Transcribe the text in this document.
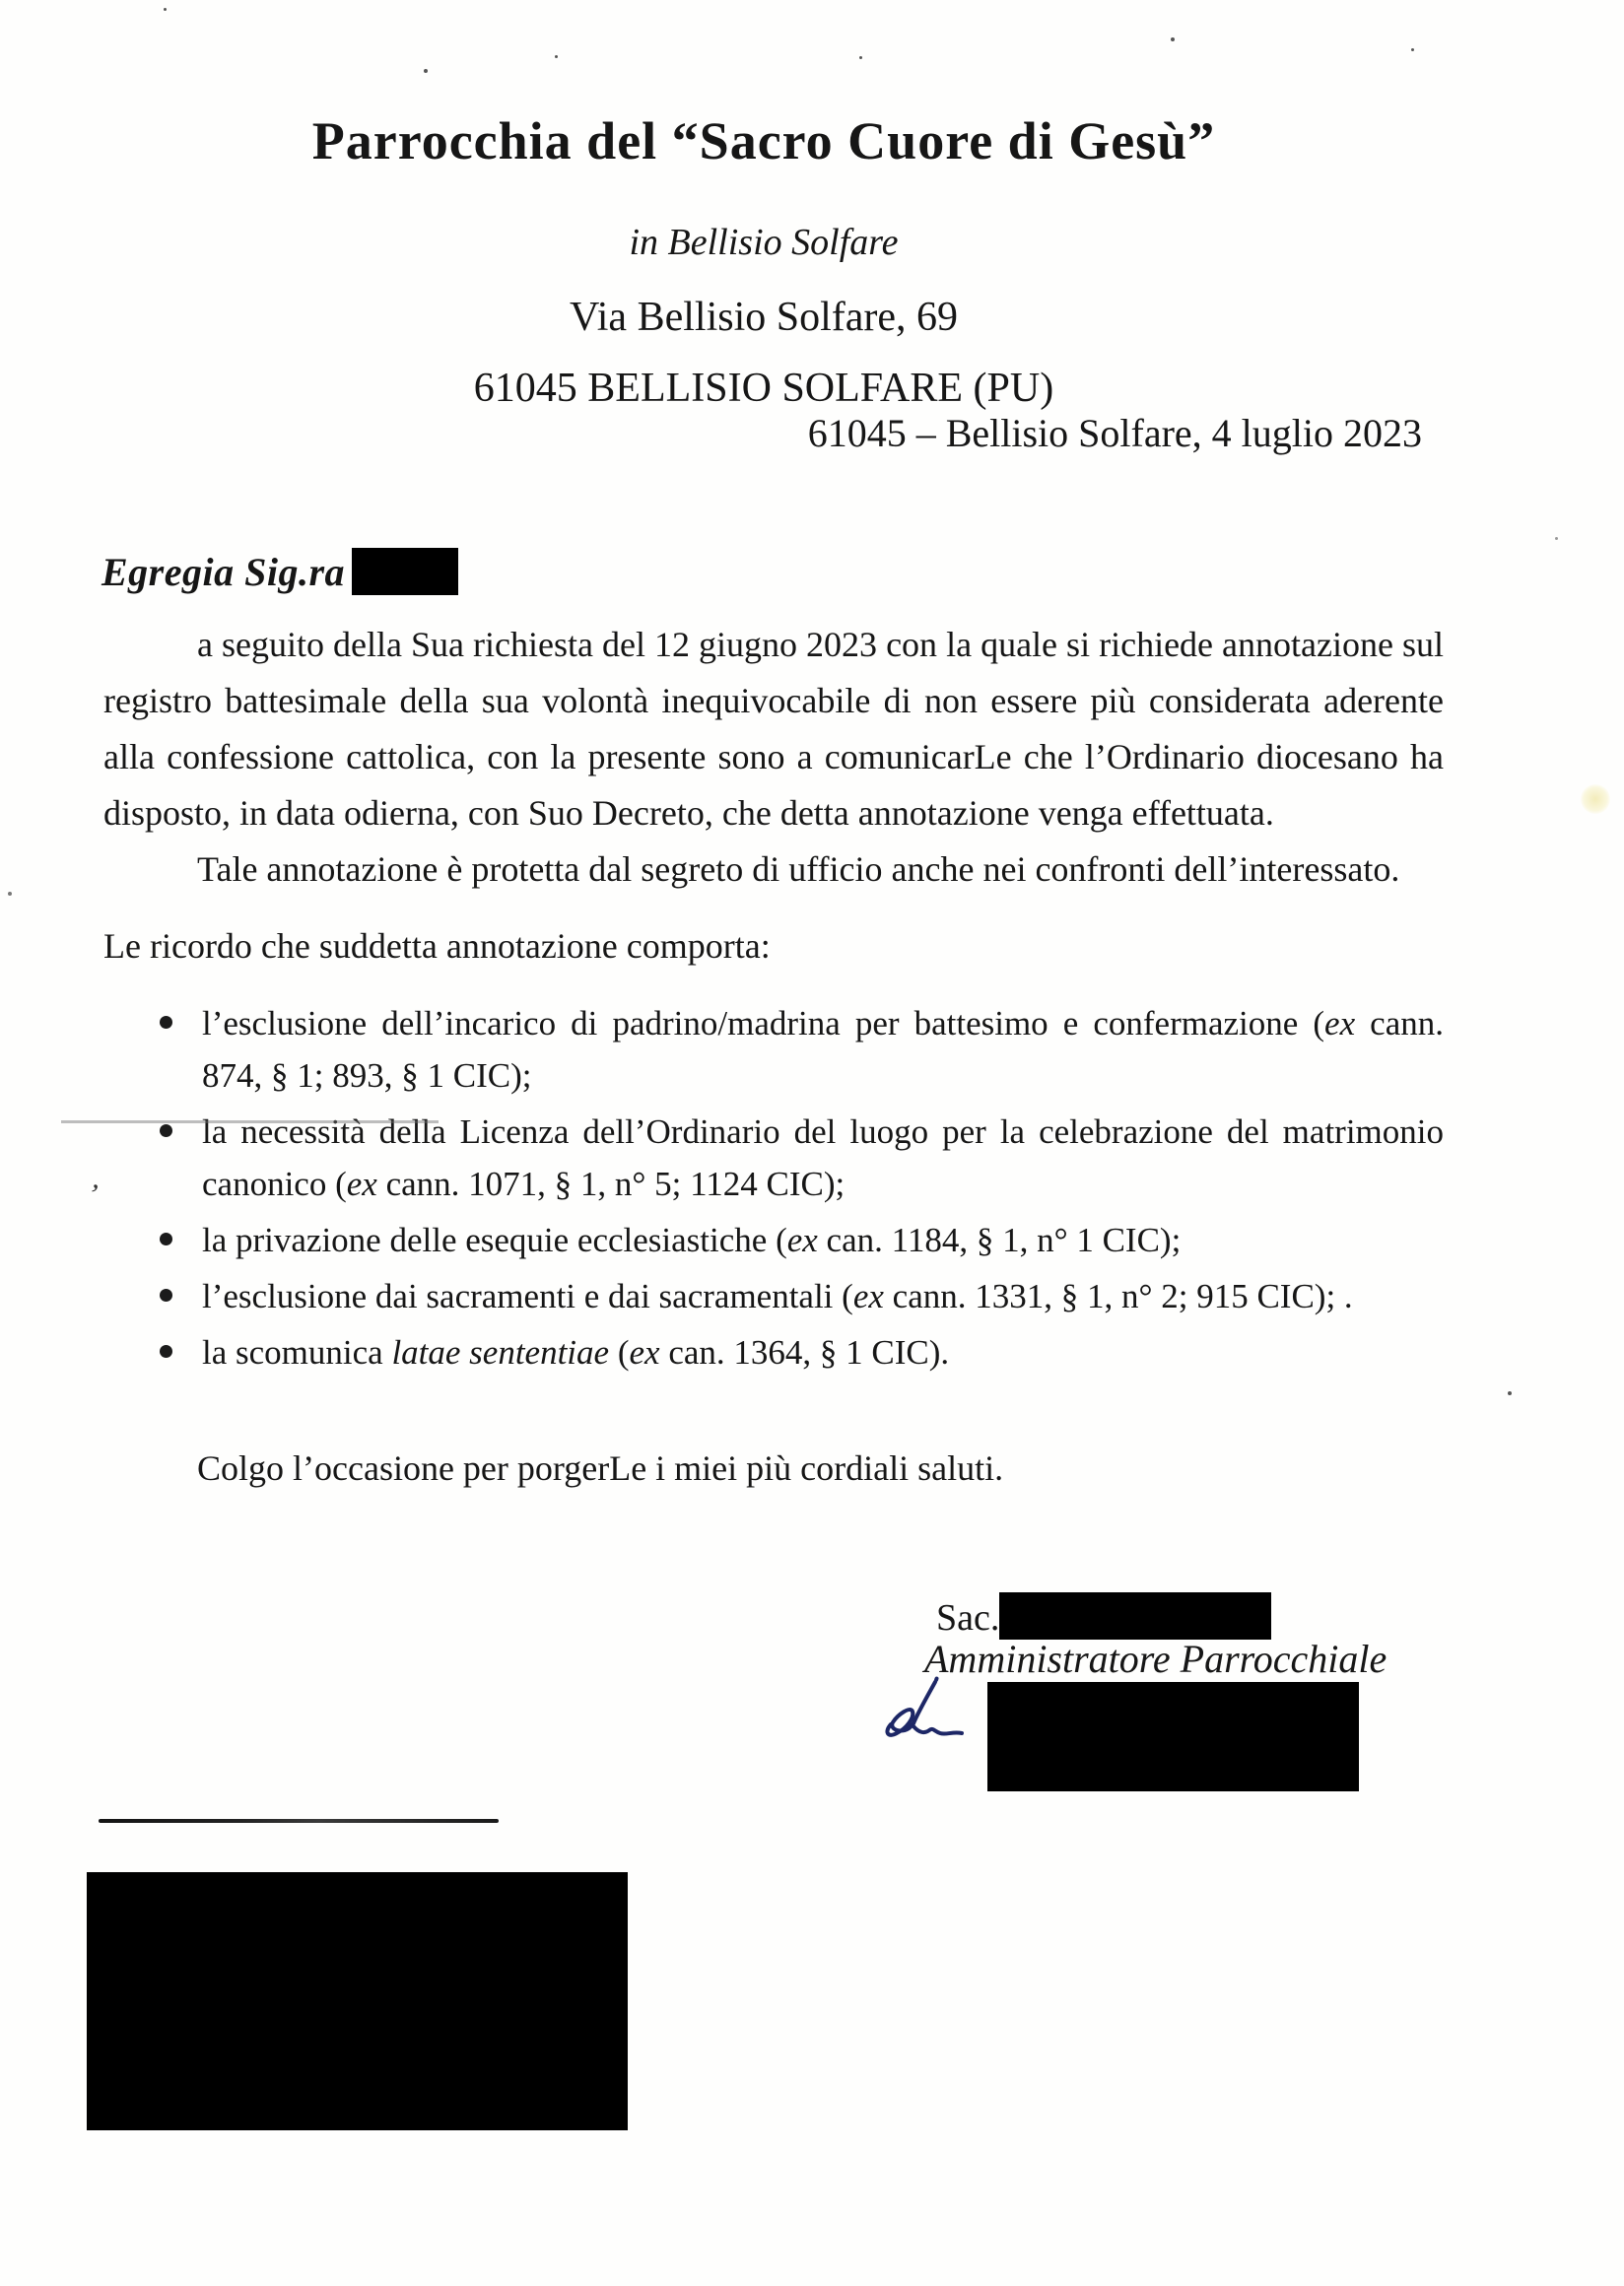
Parrocchia del “Sacro Cuore di Gesù”
in Bellisio Solfare
Via Bellisio Solfare, 69
61045 BELLISIO SOLFARE (PU)
61045 – Bellisio Solfare, 4 luglio 2023
Egregia Sig.ra

a seguito della Sua richiesta del 12 giugno 2023 con la quale si richiede annotazione sul registro battesimale della sua volontà inequivocabile di non essere più considerata aderente alla confessione cattolica, con la presente sono a comunicarLe che l’Ordinario diocesano ha disposto, in data odierna, con Suo Decreto, che detta annotazione venga effettuata.

Tale annotazione è protetta dal segreto di ufficio anche nei confronti dell’interessato.

Le ricordo che suddetta annotazione comporta:

l’esclusione dell’incarico di padrino/madrina per battesimo e confermazione (ex cann. 874, § 1; 893, § 1 CIC);
la necessità della Licenza dell’Ordinario del luogo per la celebrazione del matrimonio canonico (ex cann. 1071, § 1, n° 5; 1124 CIC);
la privazione delle esequie ecclesiastiche (ex can. 1184, § 1, n° 1 CIC);
l’esclusione dai sacramenti e dai sacramentali (ex cann. 1331, § 1, n° 2; 915 CIC); .
la scomunica latae sententiae (ex can. 1364, § 1 CIC).

Colgo l’occasione per porgerLe i miei più cordiali saluti.

Sac.
Amministratore Parrocchiale
’
